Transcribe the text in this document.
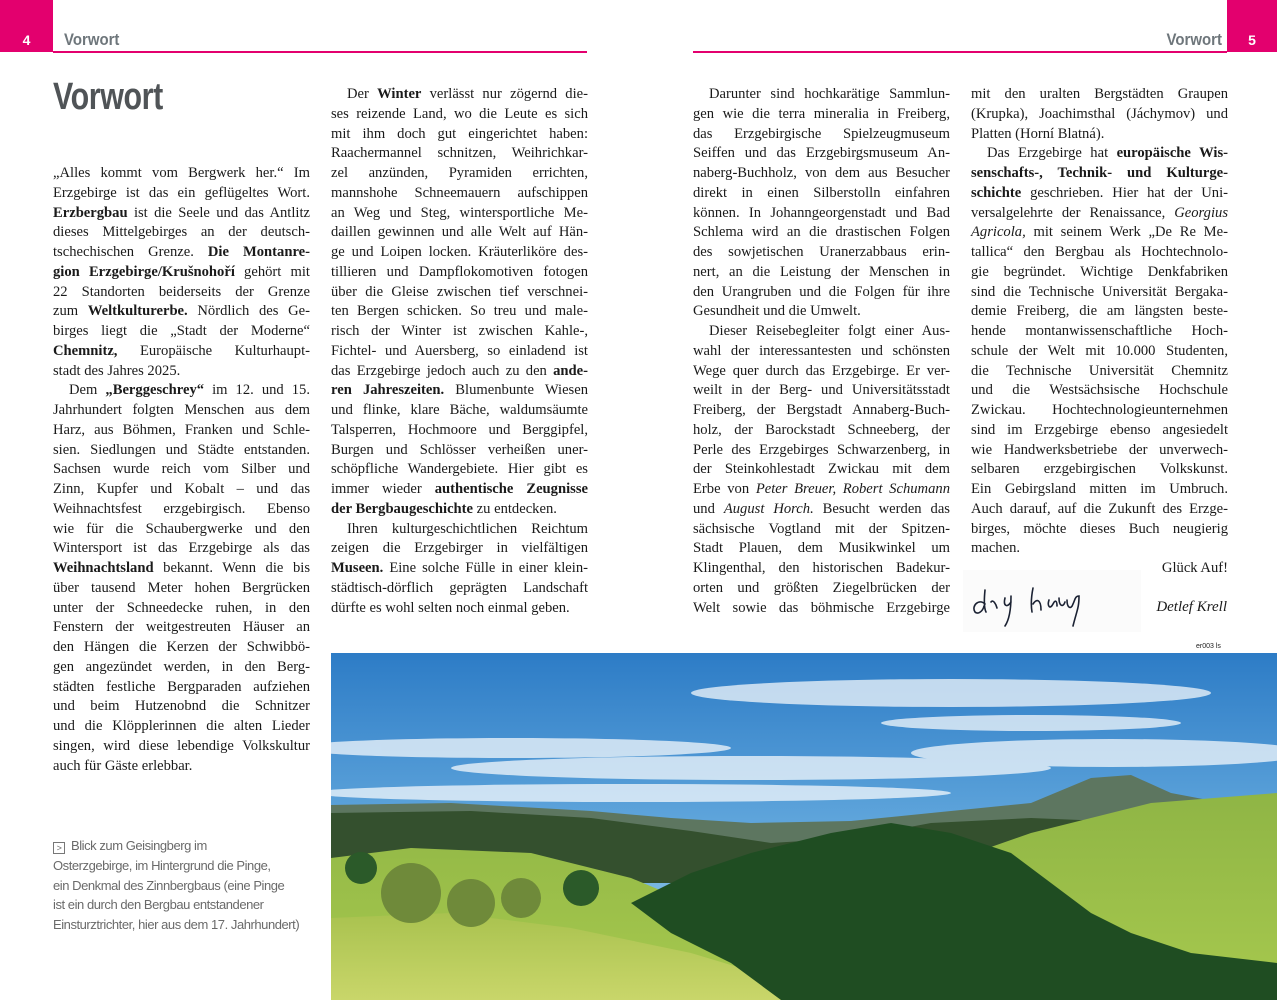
4	5
Vorwort	Vorwort
Vorwort
„Alles kommt vom Bergwerk her.“ Im
Erzgebirge ist das ein geflügeltes Wort.
Erzbergbau ist die Seele und das Antlitz
dieses Mittelgebirges an der deutsch-
tschechischen Grenze. Die Montanre-
gion Erzgebirge/Krušnohoří gehört mit
22 Standorten beiderseits der Grenze
zum Weltkulturerbe. Nördlich des Ge-
birges liegt die „Stadt der Moderne“
Chemnitz, Europäische Kulturhaupt-
stadt des Jahres 2025.
Dem „Berggeschrey“ im 12. und 15.
Jahrhundert folgten Menschen aus dem
Harz, aus Böhmen, Franken und Schle-
sien. Siedlungen und Städte entstanden.
Sachsen wurde reich vom Silber und
Zinn, Kupfer und Kobalt – und das
Weihnachtsfest erzgebirgisch. Ebenso
wie für die Schaubergwerke und den
Wintersport ist das Erzgebirge als das
Weihnachtsland bekannt. Wenn die bis
über tausend Meter hohen Bergrücken
unter der Schneedecke ruhen, in den
Fenstern der weitgestreuten Häuser an
den Hängen die Kerzen der Schwibbö-
gen angezündet werden, in den Berg-
städten festliche Bergparaden aufziehen
und beim Hutzenobnd die Schnitzer
und die Klöpplerinnen die alten Lieder
singen, wird diese lebendige Volkskultur
auch für Gäste erlebbar.
Der Winter verlässt nur zögernd die-
ses reizende Land, wo die Leute es sich
mit ihm doch gut eingerichtet haben:
Raachermannel schnitzen, Weihrichkar-
zel anzünden, Pyramiden errichten,
mannshohe Schneemauern aufschippen
an Weg und Steg, wintersportliche Me-
daillen gewinnen und alle Welt auf Hän-
ge und Loipen locken. Kräuterliköre des-
tillieren und Dampflokomotiven fotogen
über die Gleise zwischen tief verschnei-
ten Bergen schicken. So treu und male-
risch der Winter ist zwischen Kahle-,
Fichtel- und Auersberg, so einladend ist
das Erzgebirge jedoch auch zu den ande-
ren Jahreszeiten. Blumenbunte Wiesen
und flinke, klare Bäche, waldumsäumte
Talsperren, Hochmoore und Berggipfel,
Burgen und Schlösser verheißen uner-
schöpfliche Wandergebiete. Hier gibt es
immer wieder authentische Zeugnisse
der Bergbaugeschichte zu entdecken.
Ihren kulturgeschichtlichen Reichtum
zeigen die Erzgebirger in vielfältigen
Museen. Eine solche Fülle in einer klein-
städtisch-dörflich geprägten Landschaft
dürfte es wohl selten noch einmal geben.
Darunter sind hochkarätige Sammlun-
gen wie die terra mineralia in Freiberg,
das Erzgebirgische Spielzeugmuseum
Seiffen und das Erzgebirgsmuseum An-
naberg-Buchholz, von dem aus Besucher
direkt in einen Silberstolln einfahren
können. In Johanngeorgenstadt und Bad
Schlema wird an die drastischen Folgen
des sowjetischen Uranerzabbaus erin-
nert, an die Leistung der Menschen in
den Urangruben und die Folgen für ihre
Gesundheit und die Umwelt.
Dieser Reisebegleiter folgt einer Aus-
wahl der interessantesten und schönsten
Wege quer durch das Erzgebirge. Er ver-
weilt in der Berg- und Universitätsstadt
Freiberg, der Bergstadt Annaberg-Buch-
holz, der Barockstadt Schneeberg, der
Perle des Erzgebirges Schwarzenberg, in
der Steinkohlestadt Zwickau mit dem
Erbe von Peter Breuer, Robert Schumann
und August Horch. Besucht werden das
sächsische Vogtland mit der Spitzen-
Stadt Plauen, dem Musikwinkel um
Klingenthal, den historischen Badekur-
orten und größten Ziegelbrücken der
Welt sowie das böhmische Erzgebirge
mit den uralten Bergstädten Graupen
(Krupka), Joachimsthal (Jáchymov) und
Platten (Horní Blatná).
Das Erzgebirge hat europäische Wis-
senschafts-, Technik- und Kulturge-
schichte geschrieben. Hier hat der Uni-
versalgelehrte der Renaissance, Georgius
Agricola, mit seinem Werk „De Re Me-
tallica“ den Bergbau als Hochtechnolo-
gie begründet. Wichtige Denkfabriken
sind die Technische Universität Bergaka-
demie Freiberg, die am längsten beste-
hende montanwissenschaftliche Hoch-
schule der Welt mit 10.000 Studenten,
die Technische Universität Chemnitz
und die Westsächsische Hochschule
Zwickau. Hochtechnologieunternehmen
sind im Erzgebirge ebenso angesiedelt
wie Handwerksbetriebe der unverwech-
selbaren erzgebirgischen Volkskunst.
Ein Gebirgsland mitten im Umbruch.
Auch darauf, auf die Zukunft des Erzge-
birges, möchte dieses Buch neugierig
machen.
Glück Auf!
Detlef Krell
er003 ls
> Blick zum Geisingberg im
Osterzgebirge, im Hintergrund die Pinge,
ein Denkmal des Zinnbergbaus (eine Pinge
ist ein durch den Bergbau entstandener
Einsturztrichter, hier aus dem 17. Jahrhundert)
